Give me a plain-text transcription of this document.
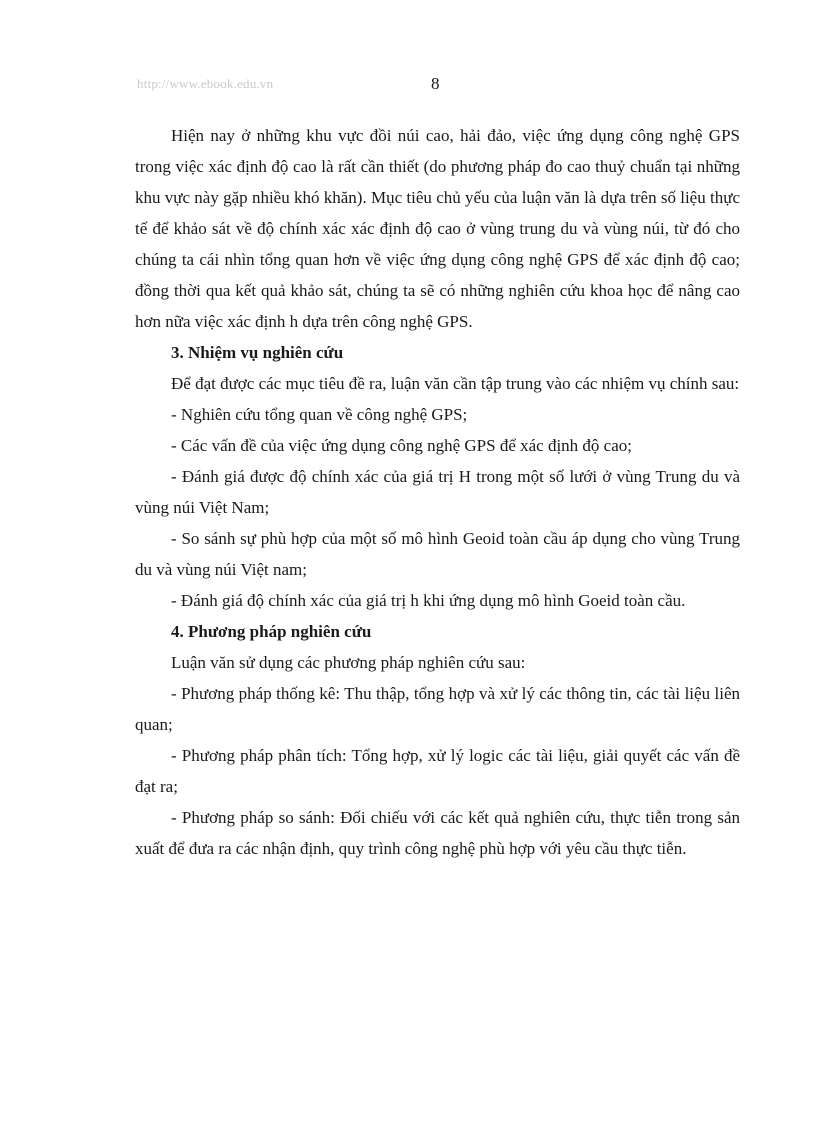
http://www.ebook.edu.vn	8

Hiện nay ở những khu vực đồi núi cao, hải đảo, việc ứng dụng công nghệ GPS trong việc xác định độ cao là rất cần thiết (do phương pháp đo cao thuỷ chuẩn tại những khu vực này gặp nhiều khó khăn). Mục tiêu chủ yếu của luận văn là dựa trên số liệu thực tế để khảo sát về độ chính xác xác định độ cao ở vùng trung du và vùng núi, từ đó cho chúng ta cái nhìn tổng quan hơn về việc ứng dụng công nghệ GPS để xác định độ cao; đồng thời qua kết quả khảo sát, chúng ta sẽ có những nghiên cứu khoa học để nâng cao hơn nữa việc xác định h dựa trên công nghệ GPS.

3. Nhiệm vụ nghiên cứu

Để đạt được các mục tiêu đề ra, luận văn cần tập trung vào các nhiệm vụ chính sau:

- Nghiên cứu tổng quan về công nghệ GPS;

- Các vấn đề của việc ứng dụng công nghệ GPS để xác định độ cao;

- Đánh giá được độ chính xác của giá trị H trong một số lưới ở vùng Trung du và vùng núi Việt Nam;

- So sánh sự phù hợp của một số mô hình Geoid toàn cầu áp dụng cho vùng Trung du và vùng núi Việt nam;

- Đánh giá độ chính xác của giá trị h khi ứng dụng mô hình Goeid toàn cầu.

4. Phương pháp nghiên cứu

Luận văn sử dụng các phương pháp nghiên cứu sau:

- Phương pháp thống kê: Thu thập, tổng hợp và xử lý các thông tin, các tài liệu liên quan;

- Phương pháp phân tích: Tổng hợp, xử lý logic các tài liệu, giải quyết các vấn đề đạt ra;

- Phương pháp so sánh: Đối chiếu với các kết quả nghiên cứu, thực tiễn trong sản xuất để đưa ra các nhận định, quy trình công nghệ phù hợp với yêu cầu thực tiễn.
